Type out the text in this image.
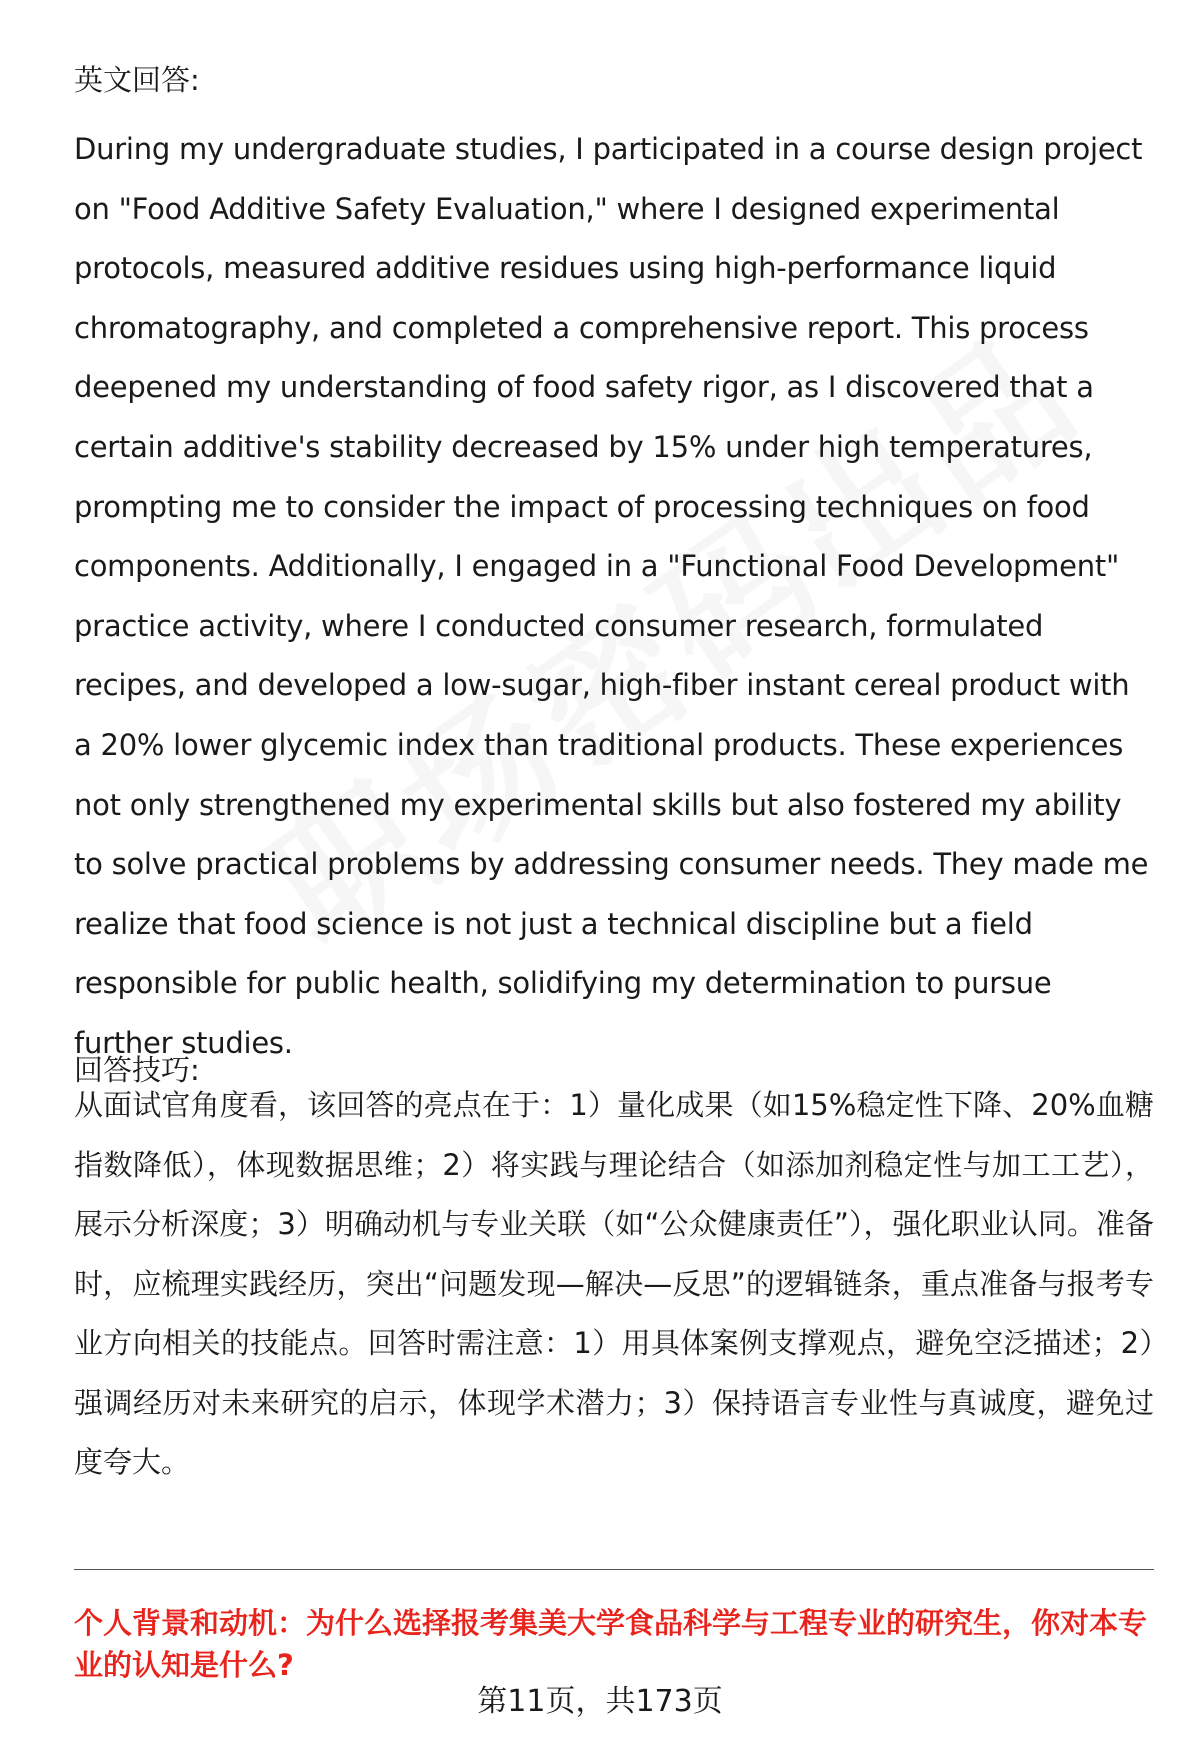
英文回答:
During my undergraduate studies, I participated in a course design project on "Food Additive Safety Evaluation," where I designed experimental protocols, measured additive residues using high-performance liquid chromatography, and completed a comprehensive report. This process deepened my understanding of food safety rigor, as I discovered that a certain additive's stability decreased by 15% under high temperatures, prompting me to consider the impact of processing techniques on food components. Additionally, I engaged in a "Functional Food Development" practice activity, where I conducted consumer research, formulated recipes, and developed a low-sugar, high-fiber instant cereal product with a 20% lower glycemic index than traditional products. These experiences not only strengthened my experimental skills but also fostered my ability to solve practical problems by addressing consumer needs. They made me realize that food science is not just a technical discipline but a field responsible for public health, solidifying my determination to pursue further studies.
回答技巧:
从面试官角度看，该回答的亮点在于：1）量化成果（如15%稳定性下降、20%血糖指数降低），体现数据思维；2）将实践与理论结合（如添加剂稳定性与加工工艺），展示分析深度；3）明确动机与专业关联（如“公众健康责任”），强化职业认同。准备时，应梳理实践经历，突出“问题发现—解决—反思”的逻辑链条，重点准备与报考专业方向相关的技能点。回答时需注意：1）用具体案例支撑观点，避免空泛描述；2）强调经历对未来研究的启示，体现学术潜力；3）保持语言专业性与真诚度，避免过度夸大。
个人背景和动机：为什么选择报考集美大学食品科学与工程专业的研究生，你对本专业的认知是什么?
第11页，共173页
